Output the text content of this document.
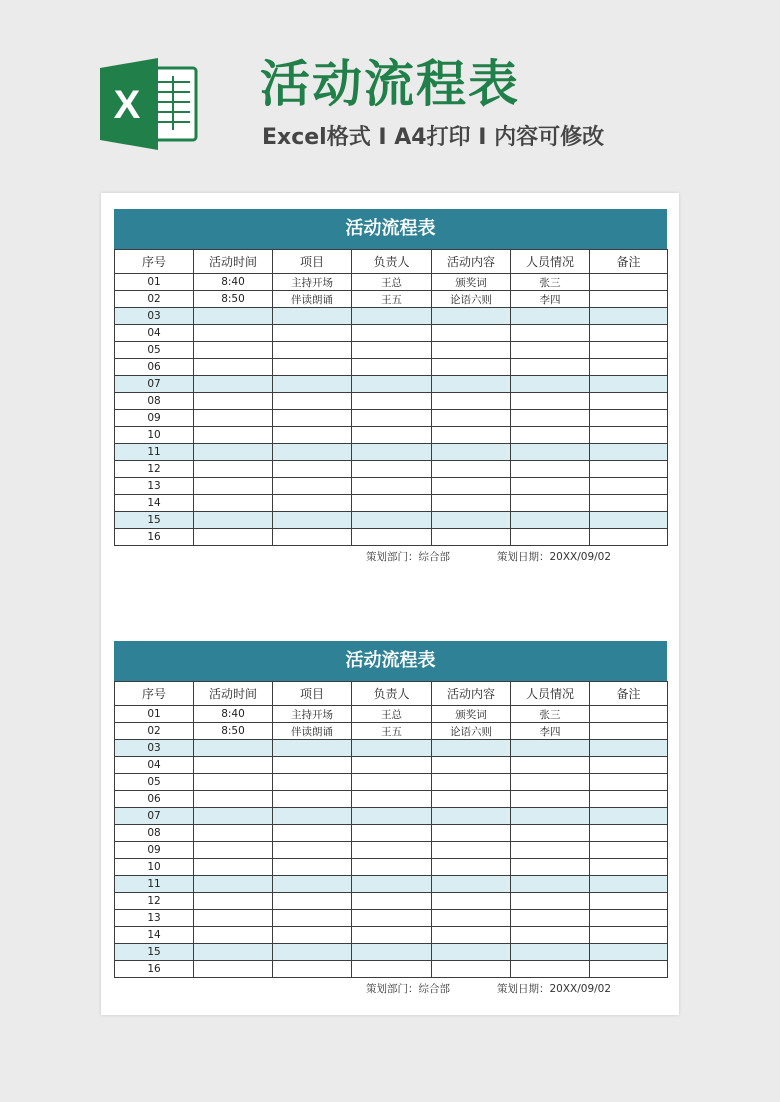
X 活动流程表
Excel格式 I A4打印 I 内容可修改
活动流程表
序号	活动时间	项目	负责人	活动内容	人员情况	备注
01	8:40	主持开场	王总	颁奖词	张三	
02	8:50	伴读朗诵	王五	论语六则	李四	
03						
04						
05						
06						
07						
08						
09						
10						
11						
12						
13						
14						
15						
16						
策划部门：综合部	策划日期：20XX/09/02
活动流程表
序号	活动时间	项目	负责人	活动内容	人员情况	备注
01	8:40	主持开场	王总	颁奖词	张三	
02	8:50	伴读朗诵	王五	论语六则	李四	
03						
04						
05						
06						
07						
08						
09						
10						
11						
12						
13						
14						
15						
16						
策划部门：综合部	策划日期：20XX/09/02
